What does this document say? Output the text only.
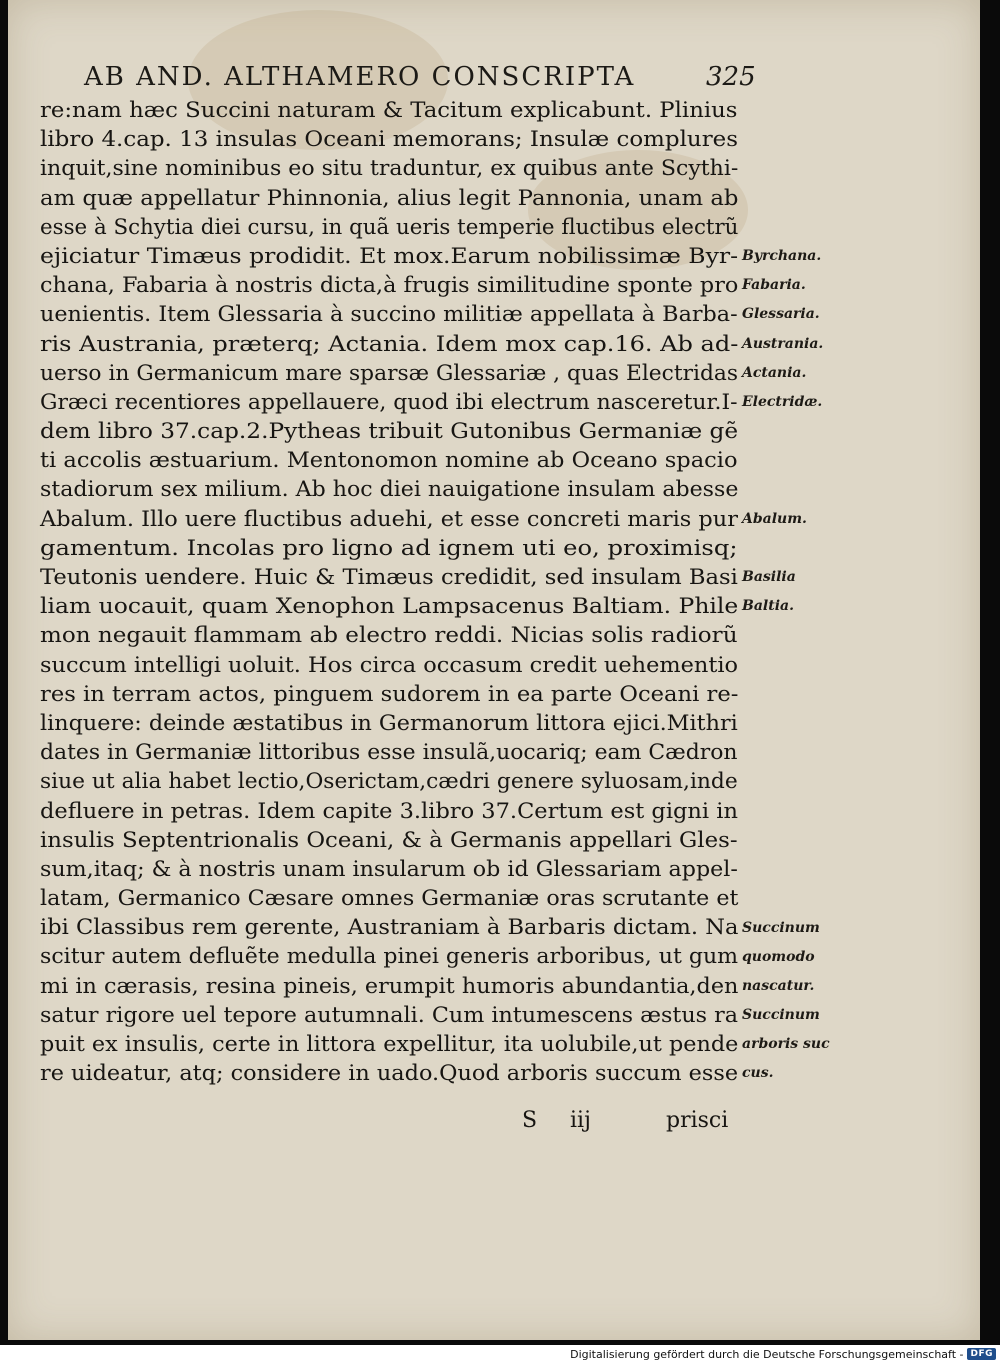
AB AND. ALTHAMERO CONSCRIPTA	325
re:nam hæc Succini naturam & Tacitum explicabunt. Plinius
libro 4.cap. 13 insulas Oceani memorans; Insulæ complures
inquit,sine nominibus eo situ traduntur, ex quibus ante Scythi-
am quæ appellatur Phinnonia, alius legit Pannonia, unam ab
esse à Schytia diei cursu, in quã ueris temperie fluctibus electrũ
ejiciatur Timæus prodidit. Et mox.Earum nobilissimæ Byr-
chana, Fabaria à nostris dicta,à frugis similitudine sponte pro
uenientis. Item Glessaria à succino militiæ appellata à Barba-
ris Austrania, præterq; Actania. Idem mox cap.16. Ab ad-
uerso in Germanicum mare sparsæ Glessariæ , quas Electridas
Græci recentiores appellauere, quod ibi electrum nasceretur.I-
dem libro 37.cap.2.Pytheas tribuit Gutonibus Germaniæ gẽ
ti accolis æstuarium. Mentonomon nomine ab Oceano spacio
stadiorum sex milium. Ab hoc diei nauigatione insulam abesse
Abalum. Illo uere fluctibus aduehi, et esse concreti maris pur
gamentum. Incolas pro ligno ad ignem uti eo, proximisq;
Teutonis uendere. Huic & Timæus credidit, sed insulam Basi
liam uocauit, quam Xenophon Lampsacenus Baltiam. Phile
mon negauit flammam ab electro reddi. Nicias solis radiorũ
succum intelligi uoluit. Hos circa occasum credit uehementio
res in terram actos, pinguem sudorem in ea parte Oceani re-
linquere: deinde æstatibus in Germanorum littora ejici.Mithri
dates in Germaniæ littoribus esse insulã,uocariq; eam Cædron
siue ut alia habet lectio,Oserictam,cædri genere syluosam,inde
defluere in petras. Idem capite 3.libro 37.Certum est gigni in
insulis Septentrionalis Oceani, & à Germanis appellari Gles-
sum,itaq; & à nostris unam insularum ob id Glessariam appel-
latam, Germanico Cæsare omnes Germaniæ oras scrutante et
ibi Classibus rem gerente, Austraniam à Barbaris dictam. Na
scitur autem defluẽte medulla pinei generis arboribus, ut gum
mi in cærasis, resina pineis, erumpit humoris abundantia,den
satur rigore uel tepore autumnali. Cum intumescens æstus ra
puit ex insulis, certe in littora expellitur, ita uolubile,ut pende
re uideatur, atq; considere in uado.Quod arboris succum esse
Byrchana.
Fabaria.
Glessaria.
Austrania.
Actania.
Electridæ.
Abalum.
Basilia
Baltia.
Succinum
quomodo
nascatur.
Succinum
arboris suc
cus.
S iij	prisci
Digitalisierung gefördert durch die Deutsche Forschungsgemeinschaft - DFG
